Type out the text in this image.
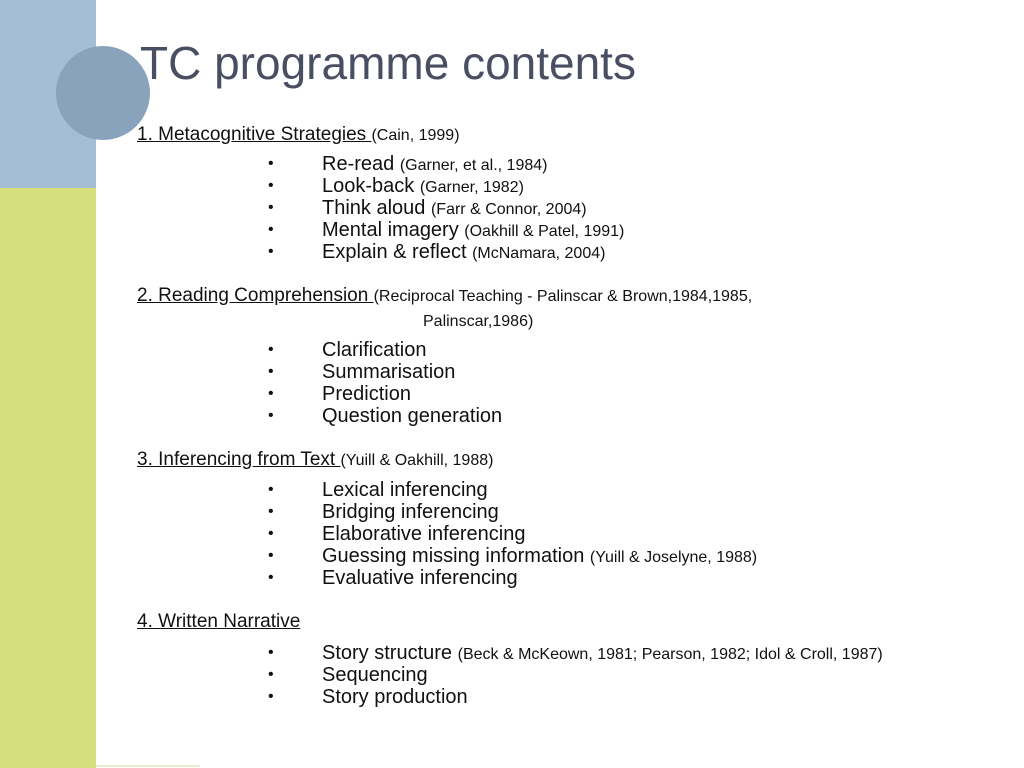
TC programme contents
1. Metacognitive Strategies (Cain, 1999)
• Re-read (Garner, et al., 1984)
• Look-back (Garner, 1982)
• Think aloud (Farr & Connor, 2004)
• Mental imagery (Oakhill & Patel, 1991)
• Explain & reflect (McNamara, 2004)
2. Reading Comprehension (Reciprocal Teaching - Palinscar & Brown,1984,1985,
Palinscar,1986)
• Clarification
• Summarisation
• Prediction
• Question generation
3. Inferencing from Text (Yuill & Oakhill, 1988)
• Lexical inferencing
• Bridging inferencing
• Elaborative inferencing
• Guessing missing information (Yuill & Joselyne, 1988)
• Evaluative inferencing
4. Written Narrative
• Story structure (Beck & McKeown, 1981; Pearson, 1982; Idol & Croll, 1987)
• Sequencing
• Story production
